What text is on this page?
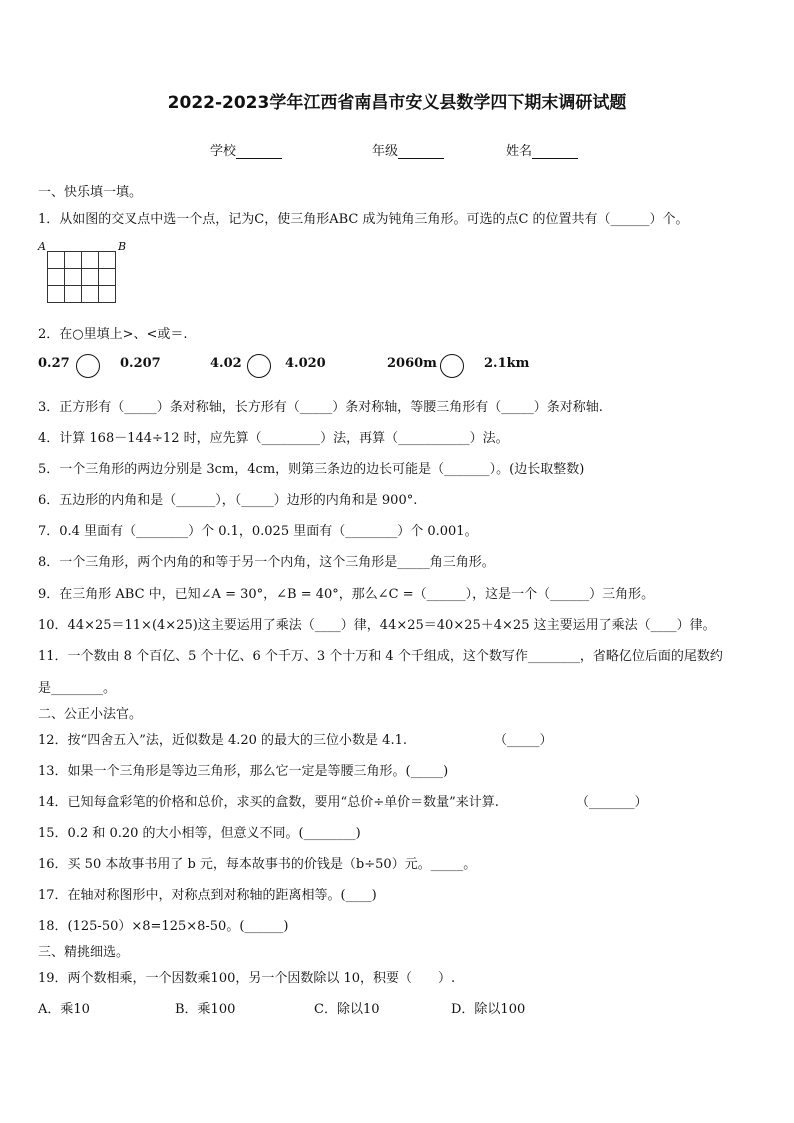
2022-2023学年江西省南昌市安义县数学四下期末调研试题
学校	年级	姓名
一、快乐填一填。
1．从如图的交叉点中选一个点，记为C，使三角形ABC 成为钝角三角形。可选的点C 的位置共有（______）个。
A	B
2．在○里填上>、<或＝.
0.27	0.207	4.02	4.020	2060m	2.1km
3．正方形有（_____）条对称轴，长方形有（_____）条对称轴，等腰三角形有（_____）条对称轴.
4．计算 168－144÷12 时，应先算（_________）法，再算（___________）法。
5．一个三角形的两边分别是 3cm，4cm，则第三条边的边长可能是（_______）。(边长取整数)
6．五边形的内角和是（______），（_____）边形的内角和是 900°.
7．0.4 里面有（________）个 0.1，0.025 里面有（________）个 0.001。
8．一个三角形，两个内角的和等于另一个内角，这个三角形是_____角三角形。
9．在三角形 ABC 中，已知∠A = 30°，∠B = 40°，那么∠C =（______），这是一个（______）三角形。
10．44×25＝11×(4×25)这主要运用了乘法（____）律，44×25＝40×25＋4×25 这主要运用了乘法（____）律。
11．一个数由 8 个百亿、5 个十亿、6 个千万、3 个十万和 4 个千组成，这个数写作________，省略亿位后面的尾数约
是________。
二、公正小法官。
12．按“四舍五入”法，近似数是 4.20 的最大的三位小数是 4.1.	（_____）
13．如果一个三角形是等边三角形，那么它一定是等腰三角形。(_____)
14．已知每盒彩笔的价格和总价，求买的盒数，要用“总价÷单价＝数量”来计算.	（_______）
15．0.2 和 0.20 的大小相等，但意义不同。(________)
16．买 50 本故事书用了 b 元，每本故事书的价钱是（b÷50）元。_____。
17．在轴对称图形中，对称点到对称轴的距离相等。(____)
18．(125-50）×8=125×8-50。(______)
三、精挑细选。
19．两个数相乘，一个因数乘100，另一个因数除以 10，积要（　　）.
A．乘10	B．乘100	C．除以10	D．除以100
